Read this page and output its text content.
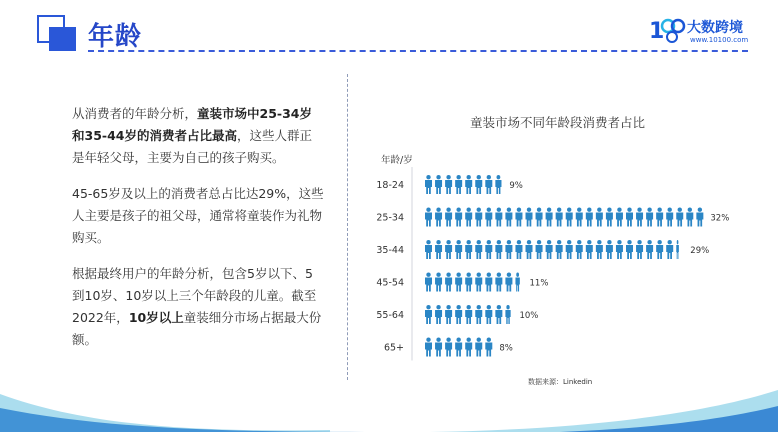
年龄	1 大数跨境
www.10100.com

从消费者的年龄分析，童装市场中25-34岁和35-44岁的消费者占比最高，这些人群正是年轻父母，主要为自己的孩子购买。

45-65岁及以上的消费者总占比达29%，这些人主要是孩子的祖父母，通常将童装作为礼物购买。

根据最终用户的年龄分析，包含5岁以下、5到10岁、10岁以上三个年龄段的儿童。截至2022年，10岁以上童装细分市场占据最大份额。

童装市场不同年龄段消费者占比
年龄/岁
18-24	9%
25-34	32%
35-44	29%
45-54	11%
55-64	10%
65+	8%
数据来源：Linkedin
